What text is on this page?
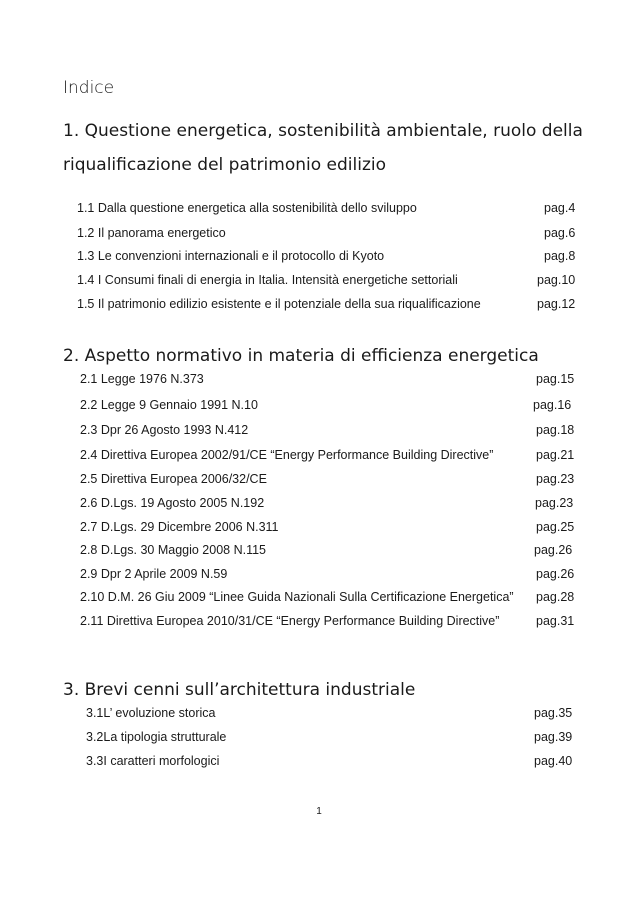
Indice
1. Questione energetica, sostenibilità ambientale, ruolo della
riqualificazione del patrimonio edilizio
1.1 Dalla questione energetica alla sostenibilità dello sviluppo	pag.4
1.2 Il panorama energetico	pag.6
1.3 Le convenzioni internazionali e il protocollo di Kyoto	pag.8
1.4 I Consumi finali di energia in Italia. Intensità energetiche settoriali	pag.10
1.5 Il patrimonio edilizio esistente e il potenziale della sua riqualificazione	pag.12
2. Aspetto normativo in materia di efficienza energetica
2.1 Legge 1976 N.373	pag.15
2.2 Legge 9 Gennaio 1991 N.10	pag.16
2.3 Dpr 26 Agosto 1993 N.412	pag.18
2.4 Direttiva Europea 2002/91/CE “Energy Performance Building Directive”	pag.21
2.5 Direttiva Europea 2006/32/CE	pag.23
2.6 D.Lgs. 19 Agosto 2005 N.192	pag.23
2.7 D.Lgs. 29 Dicembre 2006 N.311	pag.25
2.8 D.Lgs. 30 Maggio 2008 N.115	pag.26
2.9 Dpr 2 Aprile 2009 N.59	pag.26
2.10 D.M. 26 Giu 2009 “Linee Guida Nazionali Sulla Certificazione Energetica” pag.28
2.11 Direttiva Europea 2010/31/CE “Energy Performance Building Directive”	pag.31
3. Brevi cenni sull’architettura industriale
3.1L’ evoluzione storica	pag.35
3.2La tipologia strutturale	pag.39
3.3I caratteri morfologici	pag.40
1
